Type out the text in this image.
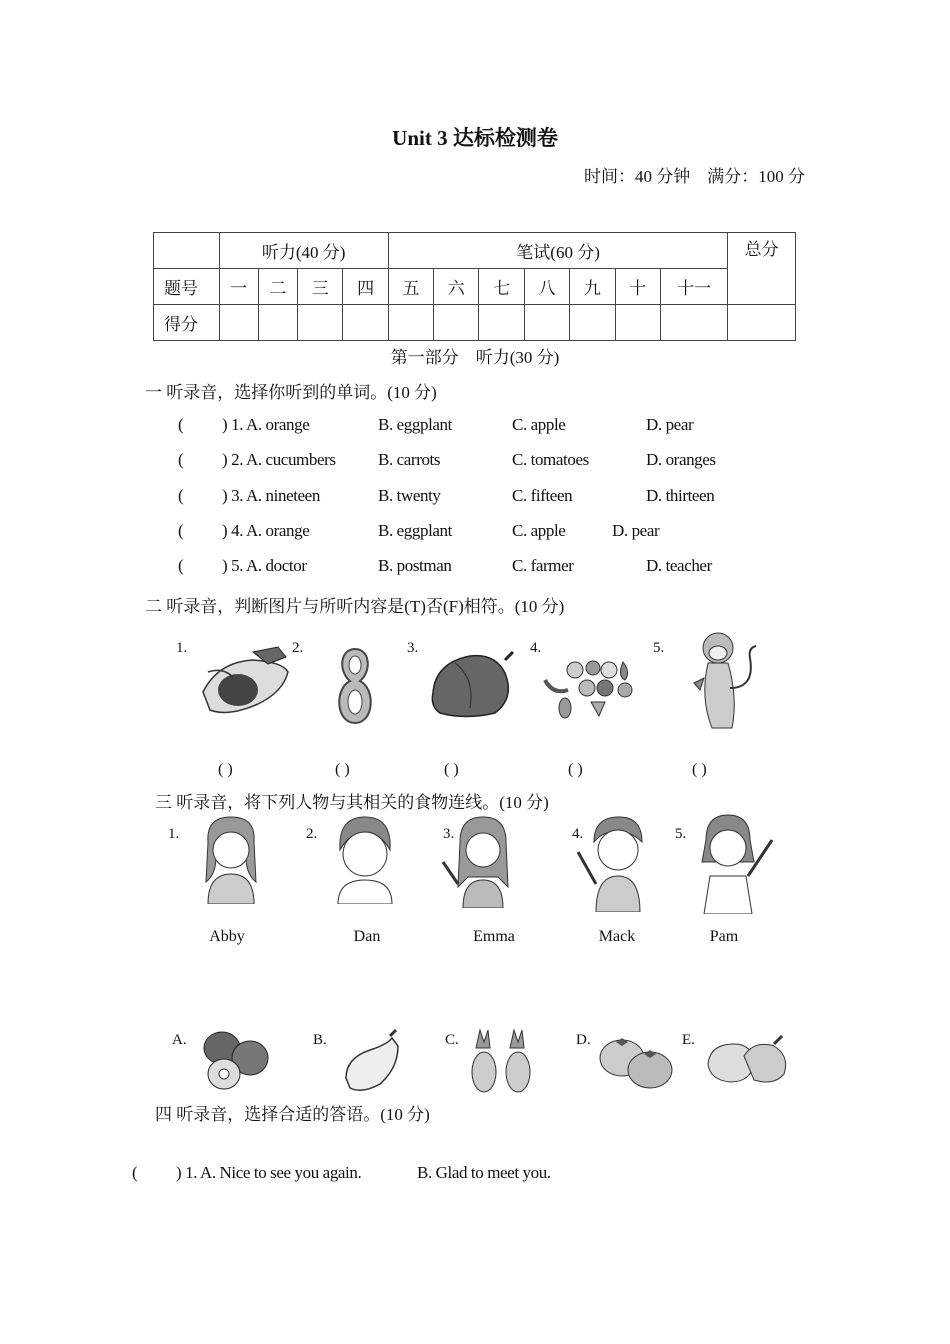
Unit 3 达标检测卷
时间：40 分钟　满分：100 分
	听力(40 分)				笔试(60 分)							总分
题号	一	二	三	四	五	六	七	八	九	十	十一	
得分												
第一部分　听力(30 分)
一 听录音，选择你听到的单词。(10 分)
( ) 1. A. orange	B. eggplant	C. apple	D. pear
( ) 2. A. cucumbers B. carrots	C. tomatoes	D. oranges
( ) 3. A. nineteen	B. twenty	C. fifteen	D. thirteen
( ) 4. A. orange	B. eggplant	C. apple	D. pear
( ) 5. A. doctor	B. postman	C. farmer	D. teacher
二 听录音，判断图片与所听内容是(T)否(F)相符。(10 分)
1.	2.	3.	4.	5.
( )	( )	( )	( )	( )
三 听录音，将下列人物与其相关的食物连线。(10 分)
1.	2.	3.	4.	5.
Abby	Dan	Emma	Mack	Pam
A.	B.	C.	D.	E.
四 听录音，选择合适的答语。(10 分)
( ) 1. A. Nice to see you again.	B. Glad to meet you.
